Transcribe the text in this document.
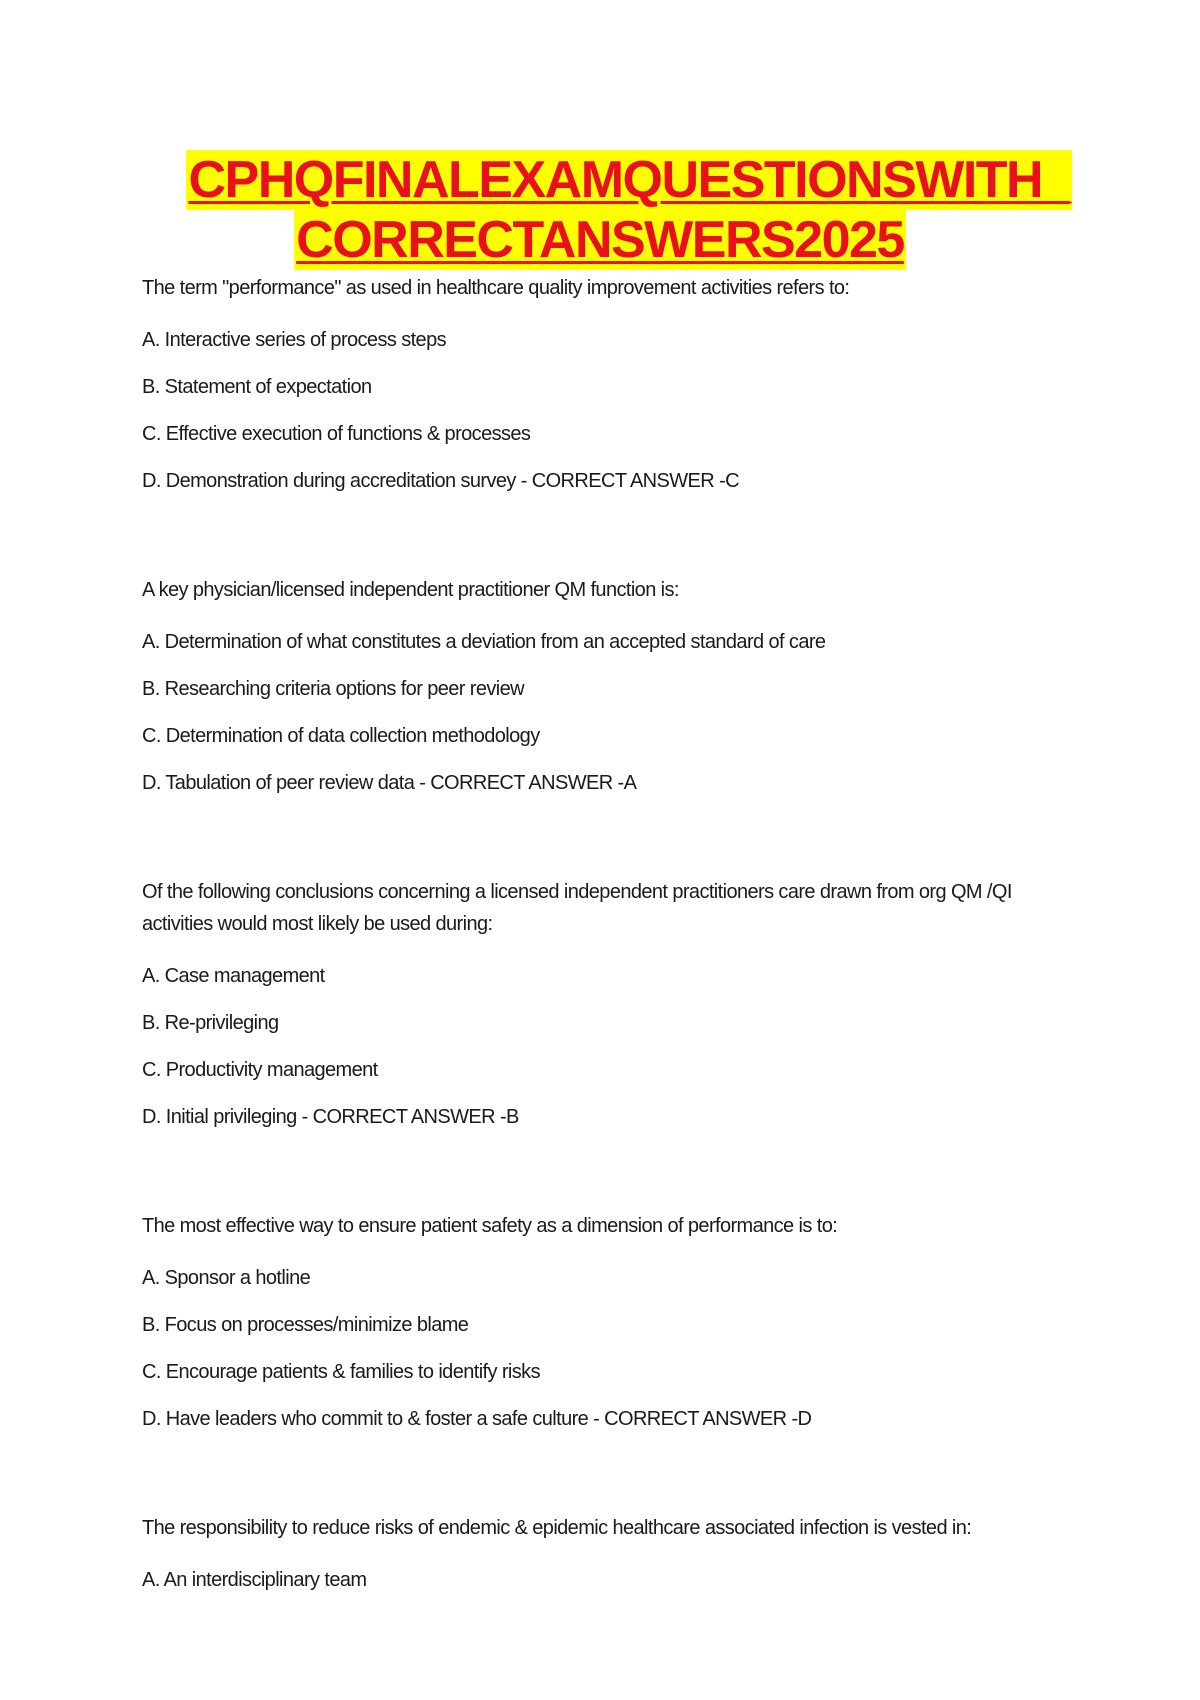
CPHQFINALEXAMQUESTIONSWITH_
CORRECTANSWERS2025

The term "performance" as used in healthcare quality improvement activities refers to:

A. Interactive series of process steps

B. Statement of expectation

C. Effective execution of functions & processes

D. Demonstration during accreditation survey - CORRECT ANSWER -C

A key physician/licensed independent practitioner QM function is:

A. Determination of what constitutes a deviation from an accepted standard of care

B. Researching criteria options for peer review

C. Determination of data collection methodology

D. Tabulation of peer review data - CORRECT ANSWER -A

Of the following conclusions concerning a licensed independent practitioners care drawn from org QM /QI activities would most likely be used during:

A. Case management

B. Re-privileging

C. Productivity management

D. Initial privileging - CORRECT ANSWER -B

The most effective way to ensure patient safety as a dimension of performance is to:

A. Sponsor a hotline

B. Focus on processes/minimize blame

C. Encourage patients & families to identify risks

D. Have leaders who commit to & foster a safe culture - CORRECT ANSWER -D

The responsibility to reduce risks of endemic & epidemic healthcare associated infection is vested in:

A. An interdisciplinary team
